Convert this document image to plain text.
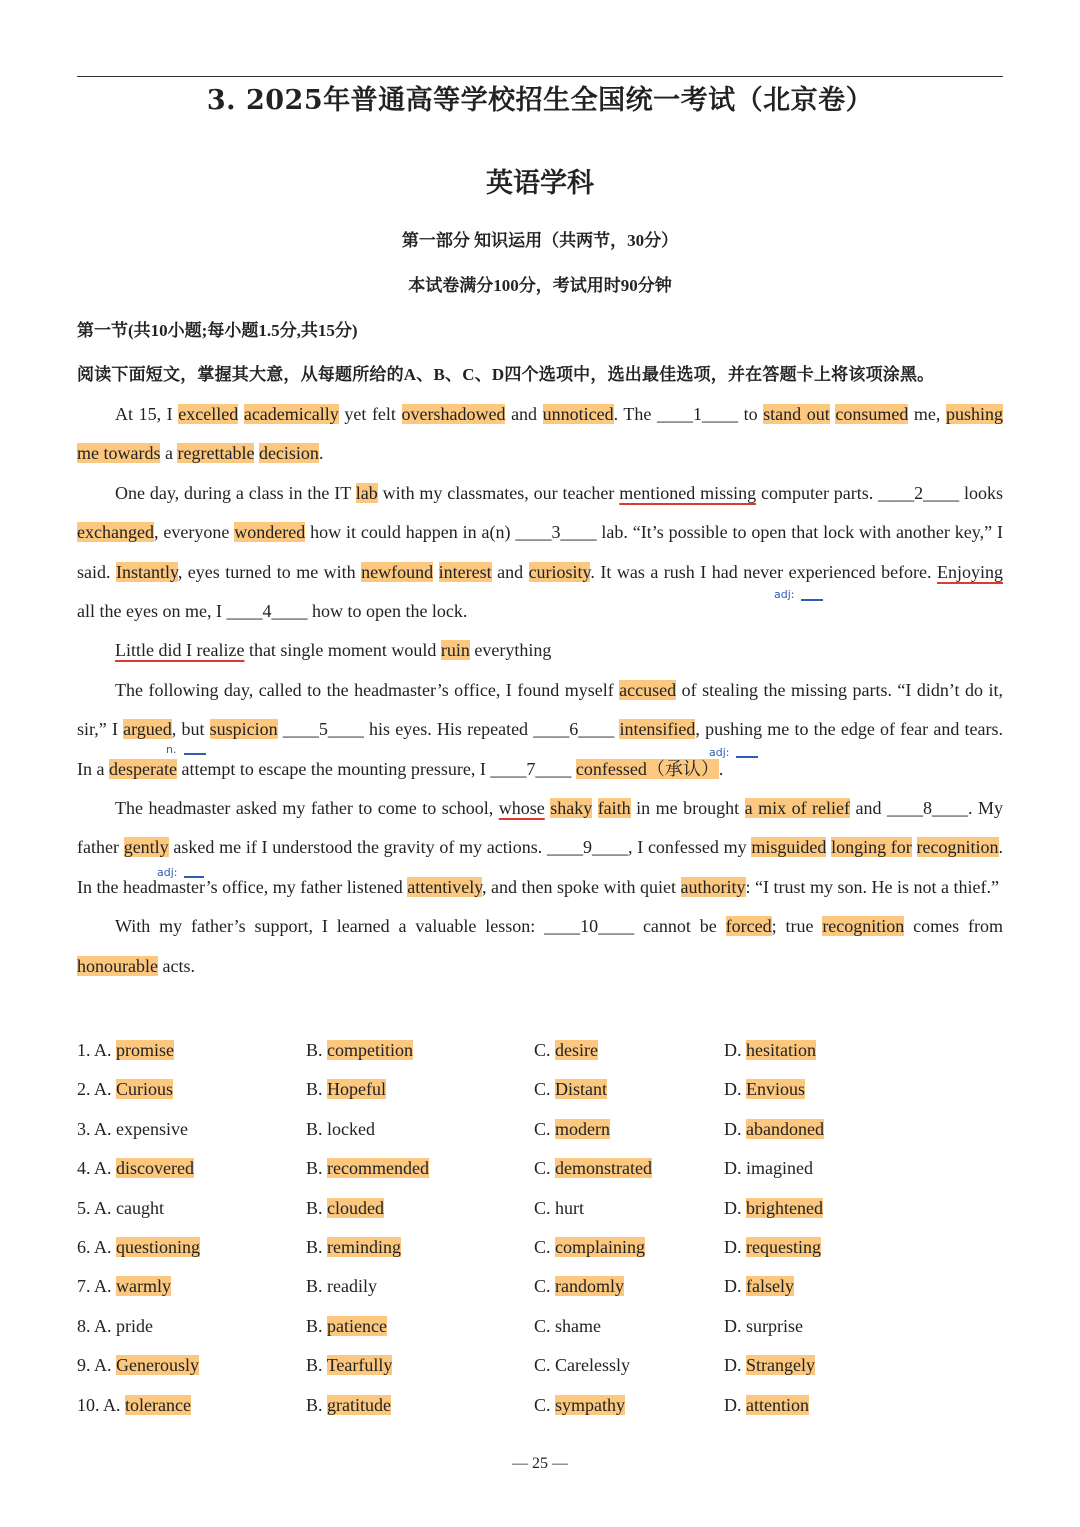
3. 2025年普通高等学校招生全国统一考试（北京卷）
英语学科
第一部分 知识运用（共两节，30分）
本试卷满分100分，考试用时90分钟
第一节(共10小题;每小题1.5分,共15分)
阅读下面短文，掌握其大意，从每题所给的A、B、C、D四个选项中，选出最佳选项，并在答题卡上将该项涂黑。

At 15, I excelled academically yet felt overshadowed and unnoticed. The ____1____ to stand out consumed me, pushing me towards a regrettable decision.

One day, during a class in the IT lab with my classmates, our teacher mentioned missing computer parts. ____2____ looks exchanged, everyone wondered how it could happen in a(n) ____3____ lab. “It’s possible to open that lock with another key,” I said. Instantly, eyes turned to me with newfound interest and curiosity. It was a rush I had never experienced before. Enjoying all the eyes on me, I ____4____ how to open the lock.

Little did I realize that single moment would ruin everything

The following day, called to the headmaster’s office, I found myself accused of stealing the missing parts. “I didn’t do it, sir,” I argued, but suspicion ____5____ his eyes. His repeated ____6____ intensified, pushing me to the edge of fear and tears. In a desperate attempt to escape the mounting pressure, I ____7____ confessed（承认）.

The headmaster asked my father to come to school, whose shaky faith in me brought a mix of relief and ____8____. My father gently asked me if I understood the gravity of my actions. ____9____, I confessed my misguided longing for recognition. In the headmaster’s office, my father listened attentively, and then spoke with quiet authority: “I trust my son. He is not a thief.”

With my father’s support, I learned a valuable lesson: ____10____ cannot be forced; true recognition comes from honourable acts.

adj:
n.	adj:
adj:
1. A. promise	B. competition	C. desire	D. hesitation
2. A. Curious	B. Hopeful	C. Distant	D. Envious
3. A. expensive	B. locked	C. modern	D. abandoned
4. A. discovered	B. recommended	C. demonstrated	D. imagined
5. A. caught	B. clouded	C. hurt	D. brightened
6. A. questioning	B. reminding	C. complaining	D. requesting
7. A. warmly	B. readily	C. randomly	D. falsely
8. A. pride	B. patience	C. shame	D. surprise
9. A. Generously	B. Tearfully	C. Carelessly	D. Strangely
10. A. tolerance	B. gratitude	C. sympathy	D. attention
— 25 —
